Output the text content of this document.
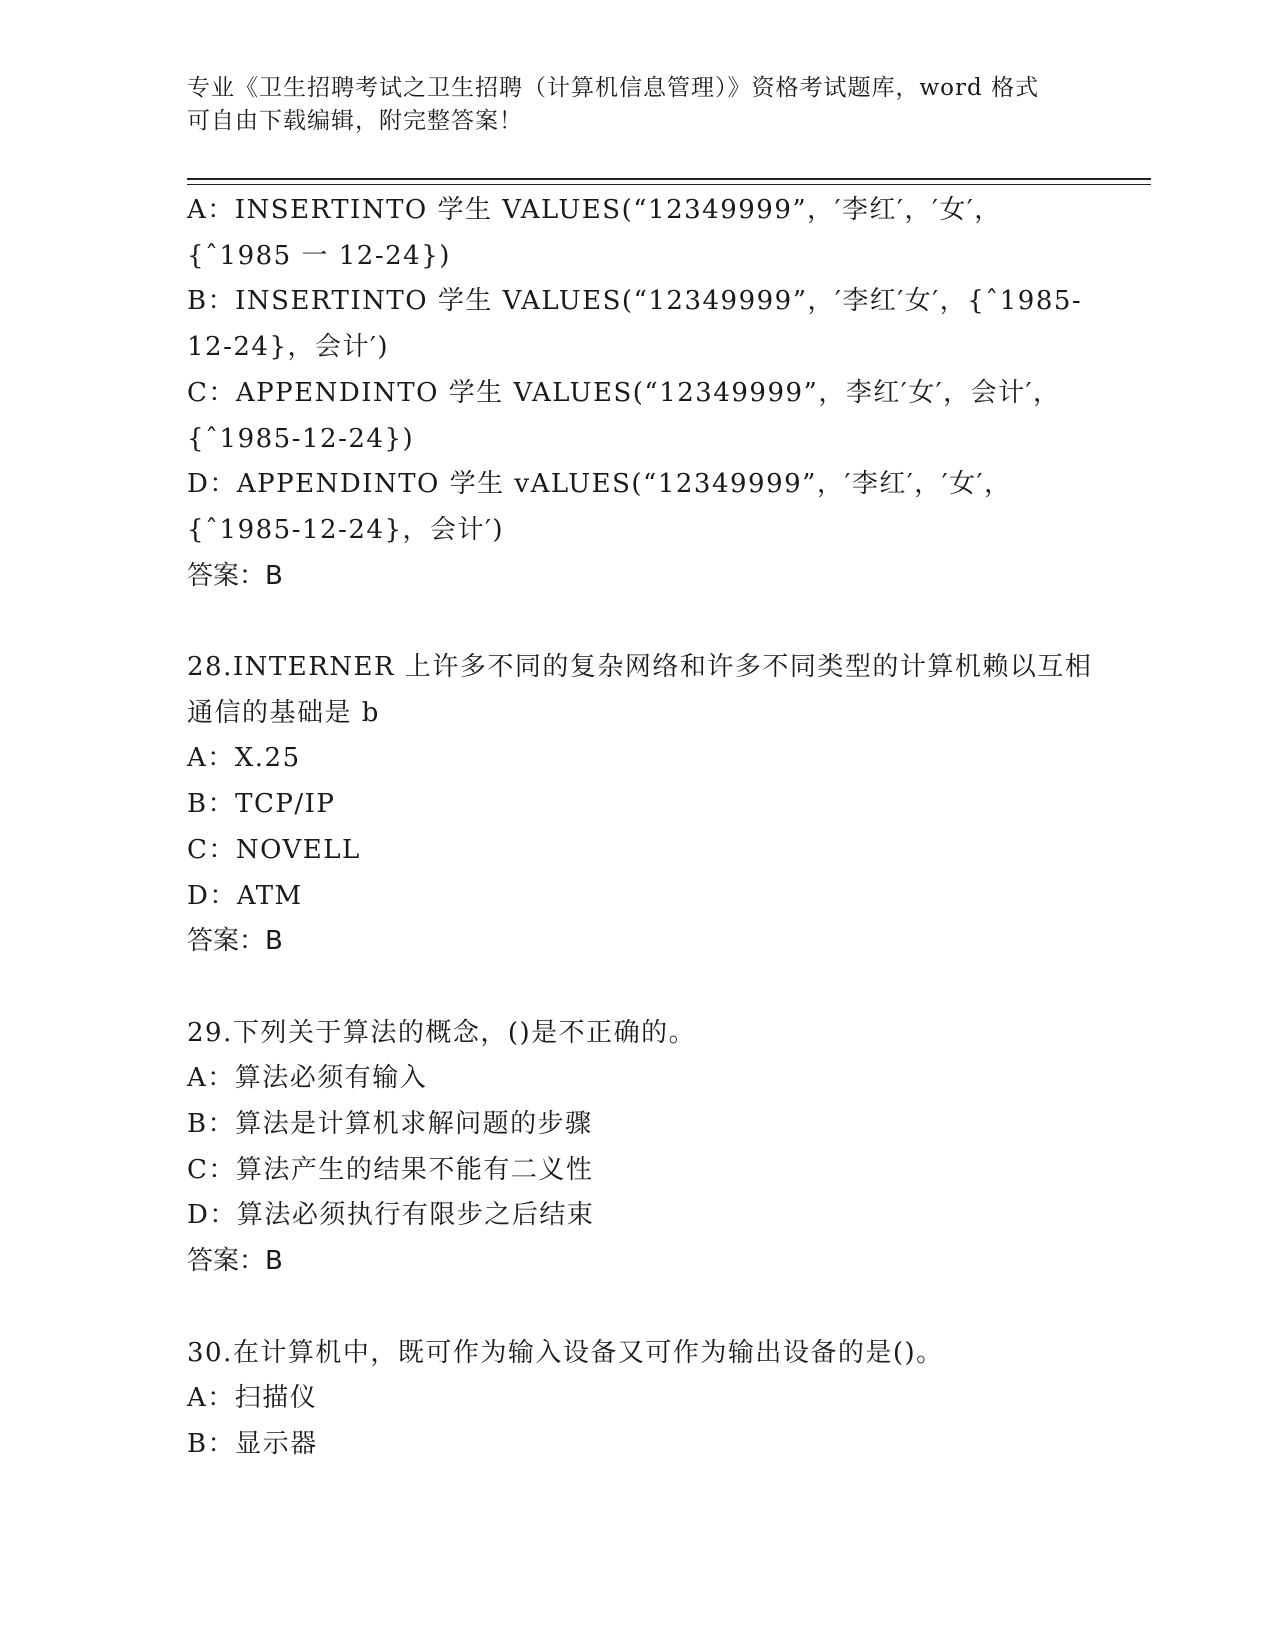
专业《卫生招聘考试之卫生招聘（计算机信息管理）》资格考试题库，word 格式
可自由下载编辑，附完整答案！
A：INSERTINTO 学生 VALUES(“12349999”，′李红′，′女′，
{ˆ1985 一 12-24})
B：INSERTINTO 学生 VALUES(“12349999”，′李红′女′，{ˆ1985-
12-24}，会计′)
C：APPENDINTO 学生 VALUES(“12349999”，李红′女′，会计′，
{ˆ1985-12-24})
D：APPENDINTO 学生 vALUES(“12349999”，′李红′，′女′，
{ˆ1985-12-24}，会计′)
答案：B
28.INTERNER 上许多不同的复杂网络和许多不同类型的计算机赖以互相
通信的基础是 b
A：X.25
B：TCP/IP
C：NOVELL
D：ATM
答案：B
29.下列关于算法的概念，()是不正确的。
A：算法必须有输入
B：算法是计算机求解问题的步骤
C：算法产生的结果不能有二义性
D：算法必须执行有限步之后结束
答案：B
30.在计算机中，既可作为输入设备又可作为输出设备的是()。
A：扫描仪
B：显示器
